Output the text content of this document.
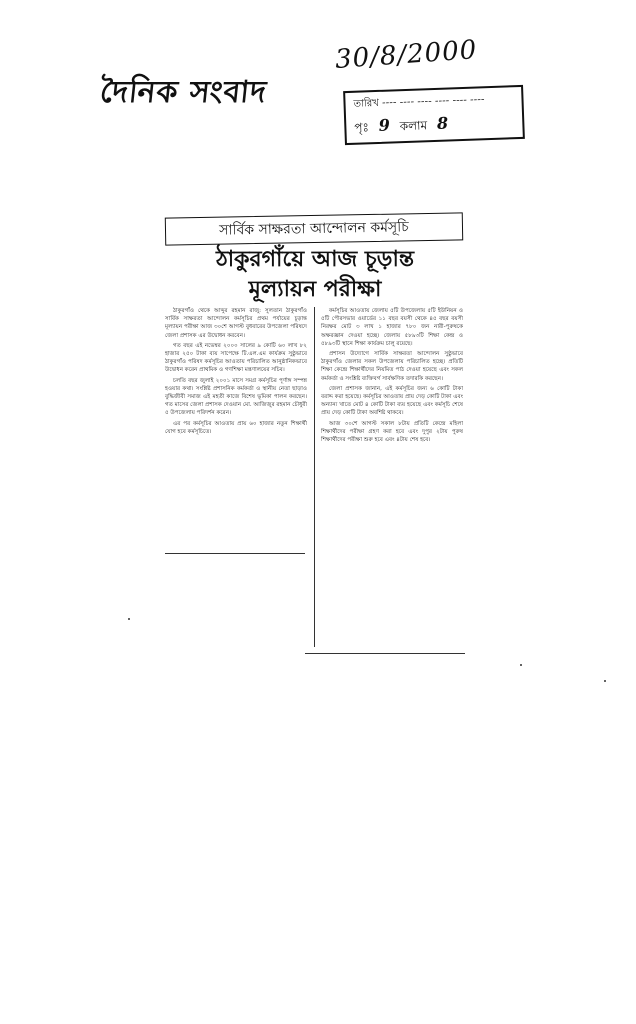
দৈনিক সংবাদ
30/8/2000
তারিখ ---- ---- ---- ---- ---- ----
পৃঃ 9 কলাম 8
সার্বিক সাক্ষরতা আন্দোলন কর্মসূচি
ঠাকুরগাঁয়ে আজ চূড়ান্ত
মূল্যায়ন পরীক্ষা

ঠাকুরগাঁও থেকে আব্দুর রহমান রাজু: সুলতান ঠাকুরগাঁও সার্বিক সাক্ষরতা আন্দোলন কর্মসূচির প্রথম পর্যায়ের চূড়ান্ত মূল্যায়ন পরীক্ষা আজ ৩০শে আগস্ট বুধবারের উপজেলা পরিষদে জেলা প্রশাসক এর উদ্বোধন করবেন।

গত বছর এই নভেম্বর ২০০০ সালের ৯ কোটি ৬০ লাখ ৮২ হাজার ২৫০ টাকা ব্যয় সাপেক্ষে টি.এল.এম কার্যক্রম সুষ্ঠুভাবে ঠাকুরগাঁও পরিষদ কর্মসূচির আওতায় পরিচালিত আনুষ্ঠানিকভাবে উদ্বোধন করেন প্রাথমিক ও গণশিক্ষা মন্ত্রণালয়ের সচিব।

চলতি বছর জুলাই ২০০১ মাসে সমগ্র কর্মসূচির পূর্ণাঙ্গ সম্পন্ন হওয়ার কথা। সংশ্লিষ্ট প্রশাসনিক কর্মকর্তা ও স্থানীয় নেতা ছাড়াও বুদ্ধিজীবী সমাজ এই মহতী কাজে বিশেষ ভূমিকা পালন করছেন। গত মাসের জেলা প্রশাসক দেওয়ান মো. আজিজুর রহমান চৌধুরী ৫ উপজেলায় পরিদর্শন করেন।

এর পর কর্মসূচির আওতায় প্রায় ৬০ হাজার নতুন শিক্ষার্থী যোগ হবে কর্মসূচিতে।

কর্মসূচির আওতায় জেলায় ৫টি উপজেলায় ৫টি ইউনিয়ন ও ৫টি পৌরসভার ওয়ার্ডের ১১ বছর বয়সী থেকে ৪৫ বছর বয়সী নিরক্ষর মোট ৩ লাখ ১ হাজার ৭৮০ জন নারী-পুরুষকে অক্ষরজ্ঞান দেওয়া হচ্ছে। জেলায় ৫৮৯৩টি শিক্ষা কেন্দ্র ও ৫৮৯৩টি স্থানে শিক্ষা কার্যক্রম চালু রয়েছে।

প্রশাসন উদ্যোগে সার্বিক সাক্ষরতা আন্দোলন সুষ্ঠুভাবে ঠাকুরগাঁও জেলার সকল উপজেলায় পরিচালিত হচ্ছে। প্রতিটি শিক্ষা কেন্দ্রে শিক্ষার্থীদের নিয়মিত পাঠ দেওয়া হয়েছে এবং সকল কর্মকর্তা ও সংশ্লিষ্ট ব্যক্তিবর্গ সার্বক্ষণিক তদারকি করছেন।

জেলা প্রশাসক জানান, এই কর্মসূচির জন্য ৬ কোটি টাকা বরাদ্দ করা হয়েছে। কর্মসূচির আওতায় প্রায় দেড় কোটি টাকা এবং অন্যান্য খাতে মোট ৪ কোটি টাকা ব্যয় হয়েছে এবং কর্মসূচি শেষে প্রায় দেড় কোটি টাকা অবশিষ্ট থাকবে।

আজ ৩০শে আগস্ট সকাল ৮টায় প্রতিটি কেন্দ্রে মহিলা শিক্ষার্থীদের পরীক্ষা গ্রহণ করা হবে এবং দুপুর ২টায় পুরুষ শিক্ষার্থীদের পরীক্ষা শুরু হবে এবং ৪টায় শেষ হবে।
